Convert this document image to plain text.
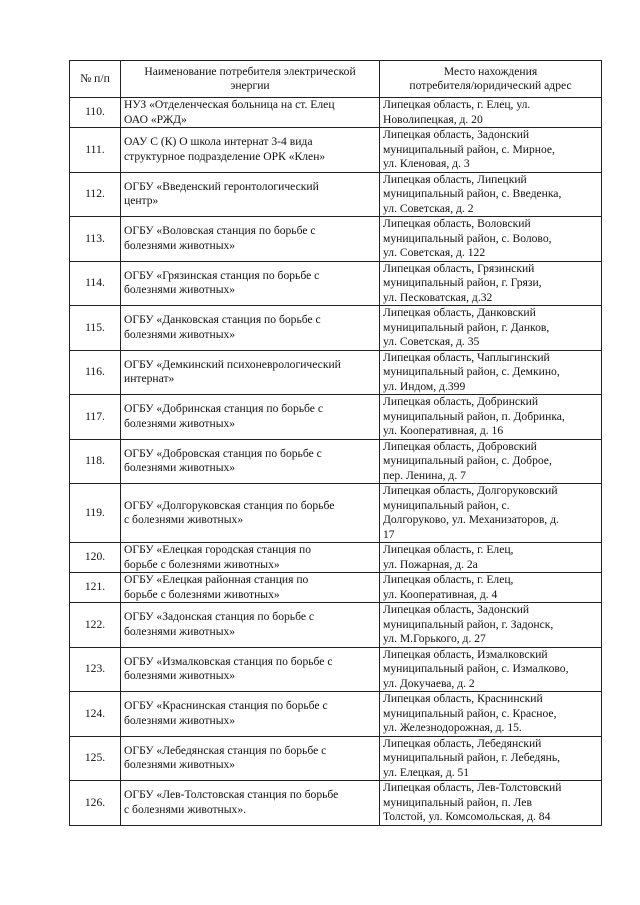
№ п/п	Наименование потребителя электрической
энергии	Место нахождения
потребителя/юридический адрес

110.	НУЗ «Отделенческая больница на ст. Елец
ОАО «РЖД»	Липецкая область, г. Елец, ул.
Новолипецкая, д. 20

111.	ОАУ С (К) О школа интернат 3-4 вида
структурное подразделение ОРК «Клен»	Липецкая область, Задонский
муниципальный район, с. Мирное,
ул. Кленовая, д. 3

112.	ОГБУ «Введенский геронтологический
центр»	Липецкая область, Липецкий
муниципальный район, с. Введенка,
ул. Советская, д. 2

113.	ОГБУ «Воловская станция по борьбе с
болезнями животных»	Липецкая область, Воловский
муниципальный район, с. Волово,
ул. Советская, д. 122

114.	ОГБУ «Грязинская станция по борьбе с
болезнями животных»	Липецкая область, Грязинский
муниципальный район, г. Грязи,
ул. Песковатская, д.32

115.	ОГБУ «Данковская станция по борьбе с
болезнями животных»	Липецкая область, Данковский
муниципальный район, г. Данков,
ул. Советская, д. 35

116.	ОГБУ «Демкинский психоневрологический
интернат»	Липецкая область, Чаплыгинский
муниципальный район, с. Демкино,
ул. Индом, д.399

117.	ОГБУ «Добринская станция по борьбе с
болезнями животных»	Липецкая область, Добринский
муниципальный район, п. Добринка,
ул. Кооперативная, д. 16

118.	ОГБУ «Добровская станция по борьбе с
болезнями животных»	Липецкая область, Добровский
муниципальный район, с. Доброе,
пер. Ленина, д. 7

119.	ОГБУ «Долгоруковская станция по борьбе
с болезнями животных»	Липецкая область, Долгоруковский
муниципальный район, с.
Долгоруково, ул. Механизаторов, д.
17

120.	ОГБУ «Елецкая городская станция по
борьбе с болезнями животных»	Липецкая область, г. Елец,
ул. Пожарная, д. 2а

121.	ОГБУ «Елецкая районная станция по
борьбе с болезнями животных»	Липецкая область, г. Елец,
ул. Кооперативная, д. 4

122.	ОГБУ «Задонская станция по борьбе с
болезнями животных»	Липецкая область, Задонский
муниципальный район, г. Задонск,
ул. М.Горького, д. 27

123.	ОГБУ «Измалковская станция по борьбе с
болезнями животных»	Липецкая область, Измалковский
муниципальный район, с. Измалково,
ул. Докучаева, д. 2

124.	ОГБУ «Краснинская станция по борьбе с
болезнями животных»	Липецкая область, Краснинский
муниципальный район, с. Красное,
ул. Железнодорожная, д. 15.

125.	ОГБУ «Лебедянская станция по борьбе с
болезнями животных»	Липецкая область, Лебедянский
муниципальный район, г. Лебедянь,
ул. Елецкая, д. 51

126.	ОГБУ «Лев-Толстовская станция по борьбе
с болезнями животных».	Липецкая область, Лев-Толстовский
муниципальный район, п. Лев
Толстой, ул. Комсомольская, д. 84
